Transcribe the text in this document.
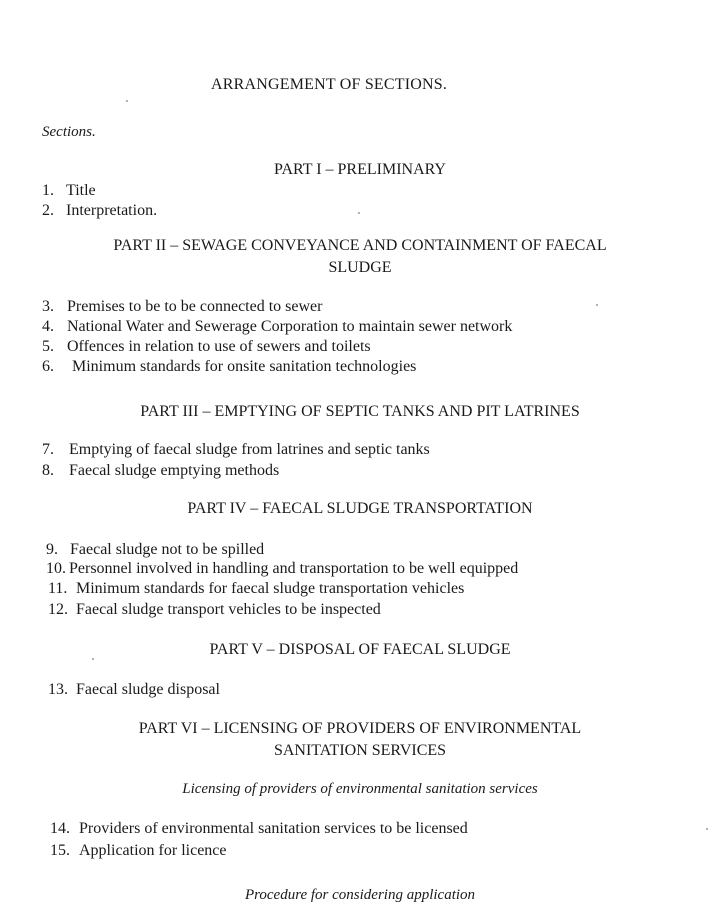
ARRANGEMENT OF SECTIONS.
Sections.
PART I – PRELIMINARY
1. Title
2. Interpretation.
PART II – SEWAGE CONVEYANCE AND CONTAINMENT OF FAECAL
SLUDGE
3. Premises to be to be connected to sewer
4. National Water and Sewerage Corporation to maintain sewer network
5. Offences in relation to use of sewers and toilets
6. Minimum standards for onsite sanitation technologies
PART III – EMPTYING OF SEPTIC TANKS AND PIT LATRINES
7. Emptying of faecal sludge from latrines and septic tanks
8. Faecal sludge emptying methods
PART IV – FAECAL SLUDGE TRANSPORTATION
9. Faecal sludge not to be spilled
10. Personnel involved in handling and transportation to be well equipped
11. Minimum standards for faecal sludge transportation vehicles
12. Faecal sludge transport vehicles to be inspected
PART V – DISPOSAL OF FAECAL SLUDGE
13. Faecal sludge disposal
PART VI – LICENSING OF PROVIDERS OF ENVIRONMENTAL
SANITATION SERVICES
Licensing of providers of environmental sanitation services
14. Providers of environmental sanitation services to be licensed
15. Application for licence
Procedure for considering application
